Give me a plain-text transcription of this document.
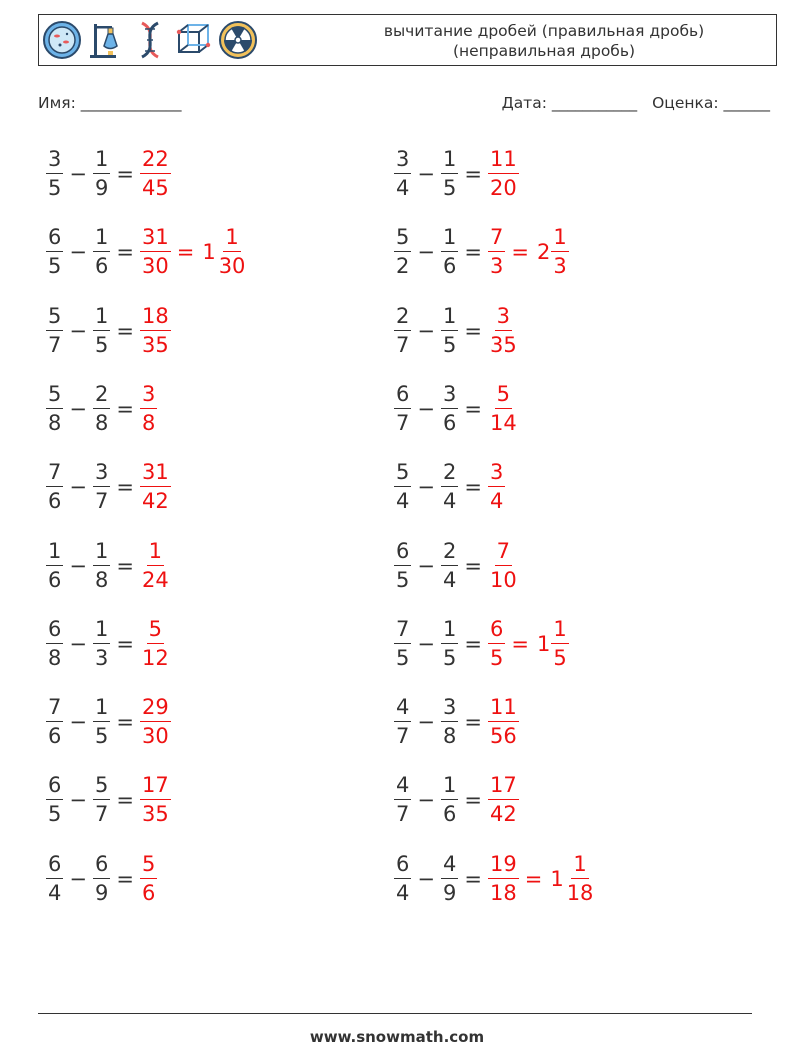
вычитание дробей (правильная дробь)
(неправильная дробь)
Имя: _____________	Дата: ___________ Оценка: ______
$\frac{3}{5} - \frac{1}{9} = \frac{22}{45}$	$\frac{3}{4} - \frac{1}{5} = \frac{11}{20}$
$\frac{6}{5} - \frac{1}{6} = \frac{31}{30} = 1 \frac{1}{30}$	$\frac{5}{2} - \frac{1}{6} = \frac{7}{3} = 2 \frac{1}{3}$
$\frac{5}{7} - \frac{1}{5} = \frac{18}{35}$	$\frac{2}{7} - \frac{1}{5} = \frac{3}{35}$
$\frac{5}{8} - \frac{2}{8} = \frac{3}{8}$	$\frac{6}{7} - \frac{3}{6} = \frac{5}{14}$
$\frac{7}{6} - \frac{3}{7} = \frac{31}{42}$	$\frac{5}{4} - \frac{2}{4} = \frac{3}{4}$
$\frac{1}{6} - \frac{1}{8} = \frac{1}{24}$	$\frac{6}{5} - \frac{2}{4} = \frac{7}{10}$
$\frac{6}{8} - \frac{1}{3} = \frac{5}{12}$	$\frac{7}{5} - \frac{1}{5} = \frac{6}{5} = 1 \frac{1}{5}$
$\frac{7}{6} - \frac{1}{5} = \frac{29}{30}$	$\frac{4}{7} - \frac{3}{8} = \frac{11}{56}$
$\frac{6}{5} - \frac{5}{7} = \frac{17}{35}$	$\frac{4}{7} - \frac{1}{6} = \frac{17}{42}$
$\frac{6}{4} - \frac{6}{9} = \frac{5}{6}$	$\frac{6}{4} - \frac{4}{9} = \frac{19}{18} = 1 \frac{1}{18}$
www.snowmath.com
